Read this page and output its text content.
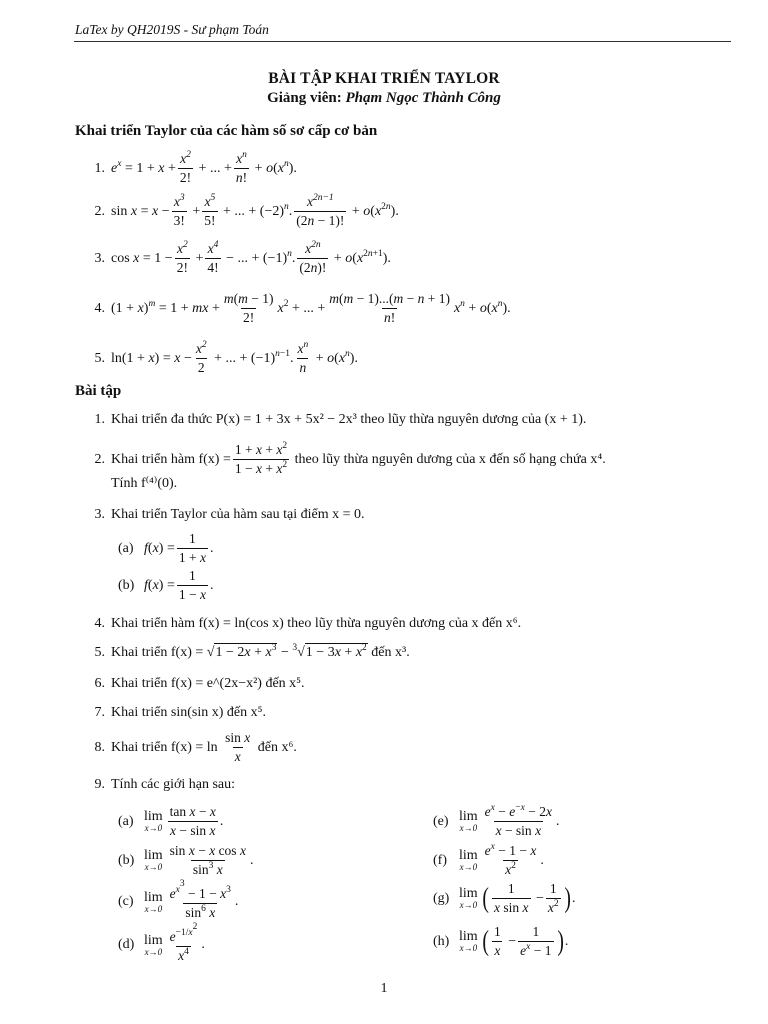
LaTex by QH2019S - Sư phạm Toán
BÀI TẬP KHAI TRIỂN TAYLOR
Giảng viên: Phạm Ngọc Thành Công
Khai triển Taylor của các hàm số sơ cấp cơ bản
1. $e^x = 1 + x + \frac{x^2}{2!}$ + ... + $\frac{x^n}{n!} + o(x^n)$.
2. $\sin x = x - \frac{x^3}{3!} + \frac{x^5}{5!}$ + ... + $(-2)^n$.
$x^{2n-1}$
(2n − 1)!
+ $o(x^{2n})$.
3. $\cos x = 1 - \frac{x^2}{2!} + \frac{x^4}{4!}$ − ... + $(-1)^n$.
$x^{2n}$
(2n)!
+ $o(x^{2n+1})$.
4. $(1 + x)^m = 1$ + mx + $\frac{m(m - 1)}{2!} x^2$ + ... + $\frac{m(m - 1)...(m - n + 1)}{n!} x^n + o(x^n)$.
5. $\ln(1 + x) = x - \frac{x^2}{2}$ + ... + $(-1)^{n-1}$.
$x^n$
n
+ $o(x^n)$.
Bài tập
1. Khai triển đa thức P(x) = 1 + 3x + 5x² − 2x³ theo lũy thừa nguyên dương của (x + 1).
2. Khai triển hàm $f(x) = \frac{1 + x + x^2}{1 - x + x^2}$
theo lũy thừa nguyên dương của x đến số hạng chứa x⁴.
Tính f⁽⁴⁾(0).
3. Khai triển Taylor của hàm sau tại điểm x = 0.
(a) $f(x) = \frac{1}{1 + x}$ .
(b) $f(x) = \frac{1}{1 - x}$ .
4. Khai triển hàm f(x) = ln(cos x) theo lũy thừa nguyên dương của x đến x⁶.
5. Khai triển $f(x) = √1 - 2x + x^3 - ^3√1 - 3x + x^2$ đến x³.
6. Khai triển f(x) = e^(2x−x²) đến x⁵.
7. Khai triển sin(sin x) đến x⁵.
8. Khai triển f(x) = ln

sin x
x

đến x⁶.
9. Tính các giới hạn sau:
(a) lim
x→0
tan x − x
x − sin x
.
(b) lim
x→0
sin x − x cos x
$\sin^3 x$
.
(c) lim
x→0
$e^{x^3} - 1 - x^3$
$\sin^6 x$
.
(d) lim
x→0
$e^{-1/x^2}$
$x^4$ .
(e) lim
x→0
$e^x - e^{-x} - 2x$
x − sin x
.
(f) lim
x→0
$e^x - 1 - x$
$x^2$ .
(g) lim
x→0 ( 1
x sin x
− $\frac{1}{x^2}$ ) .
(h) lim
x→0 ( 1
x
− $\frac{1}{e^x - 1}$ ) .
1
